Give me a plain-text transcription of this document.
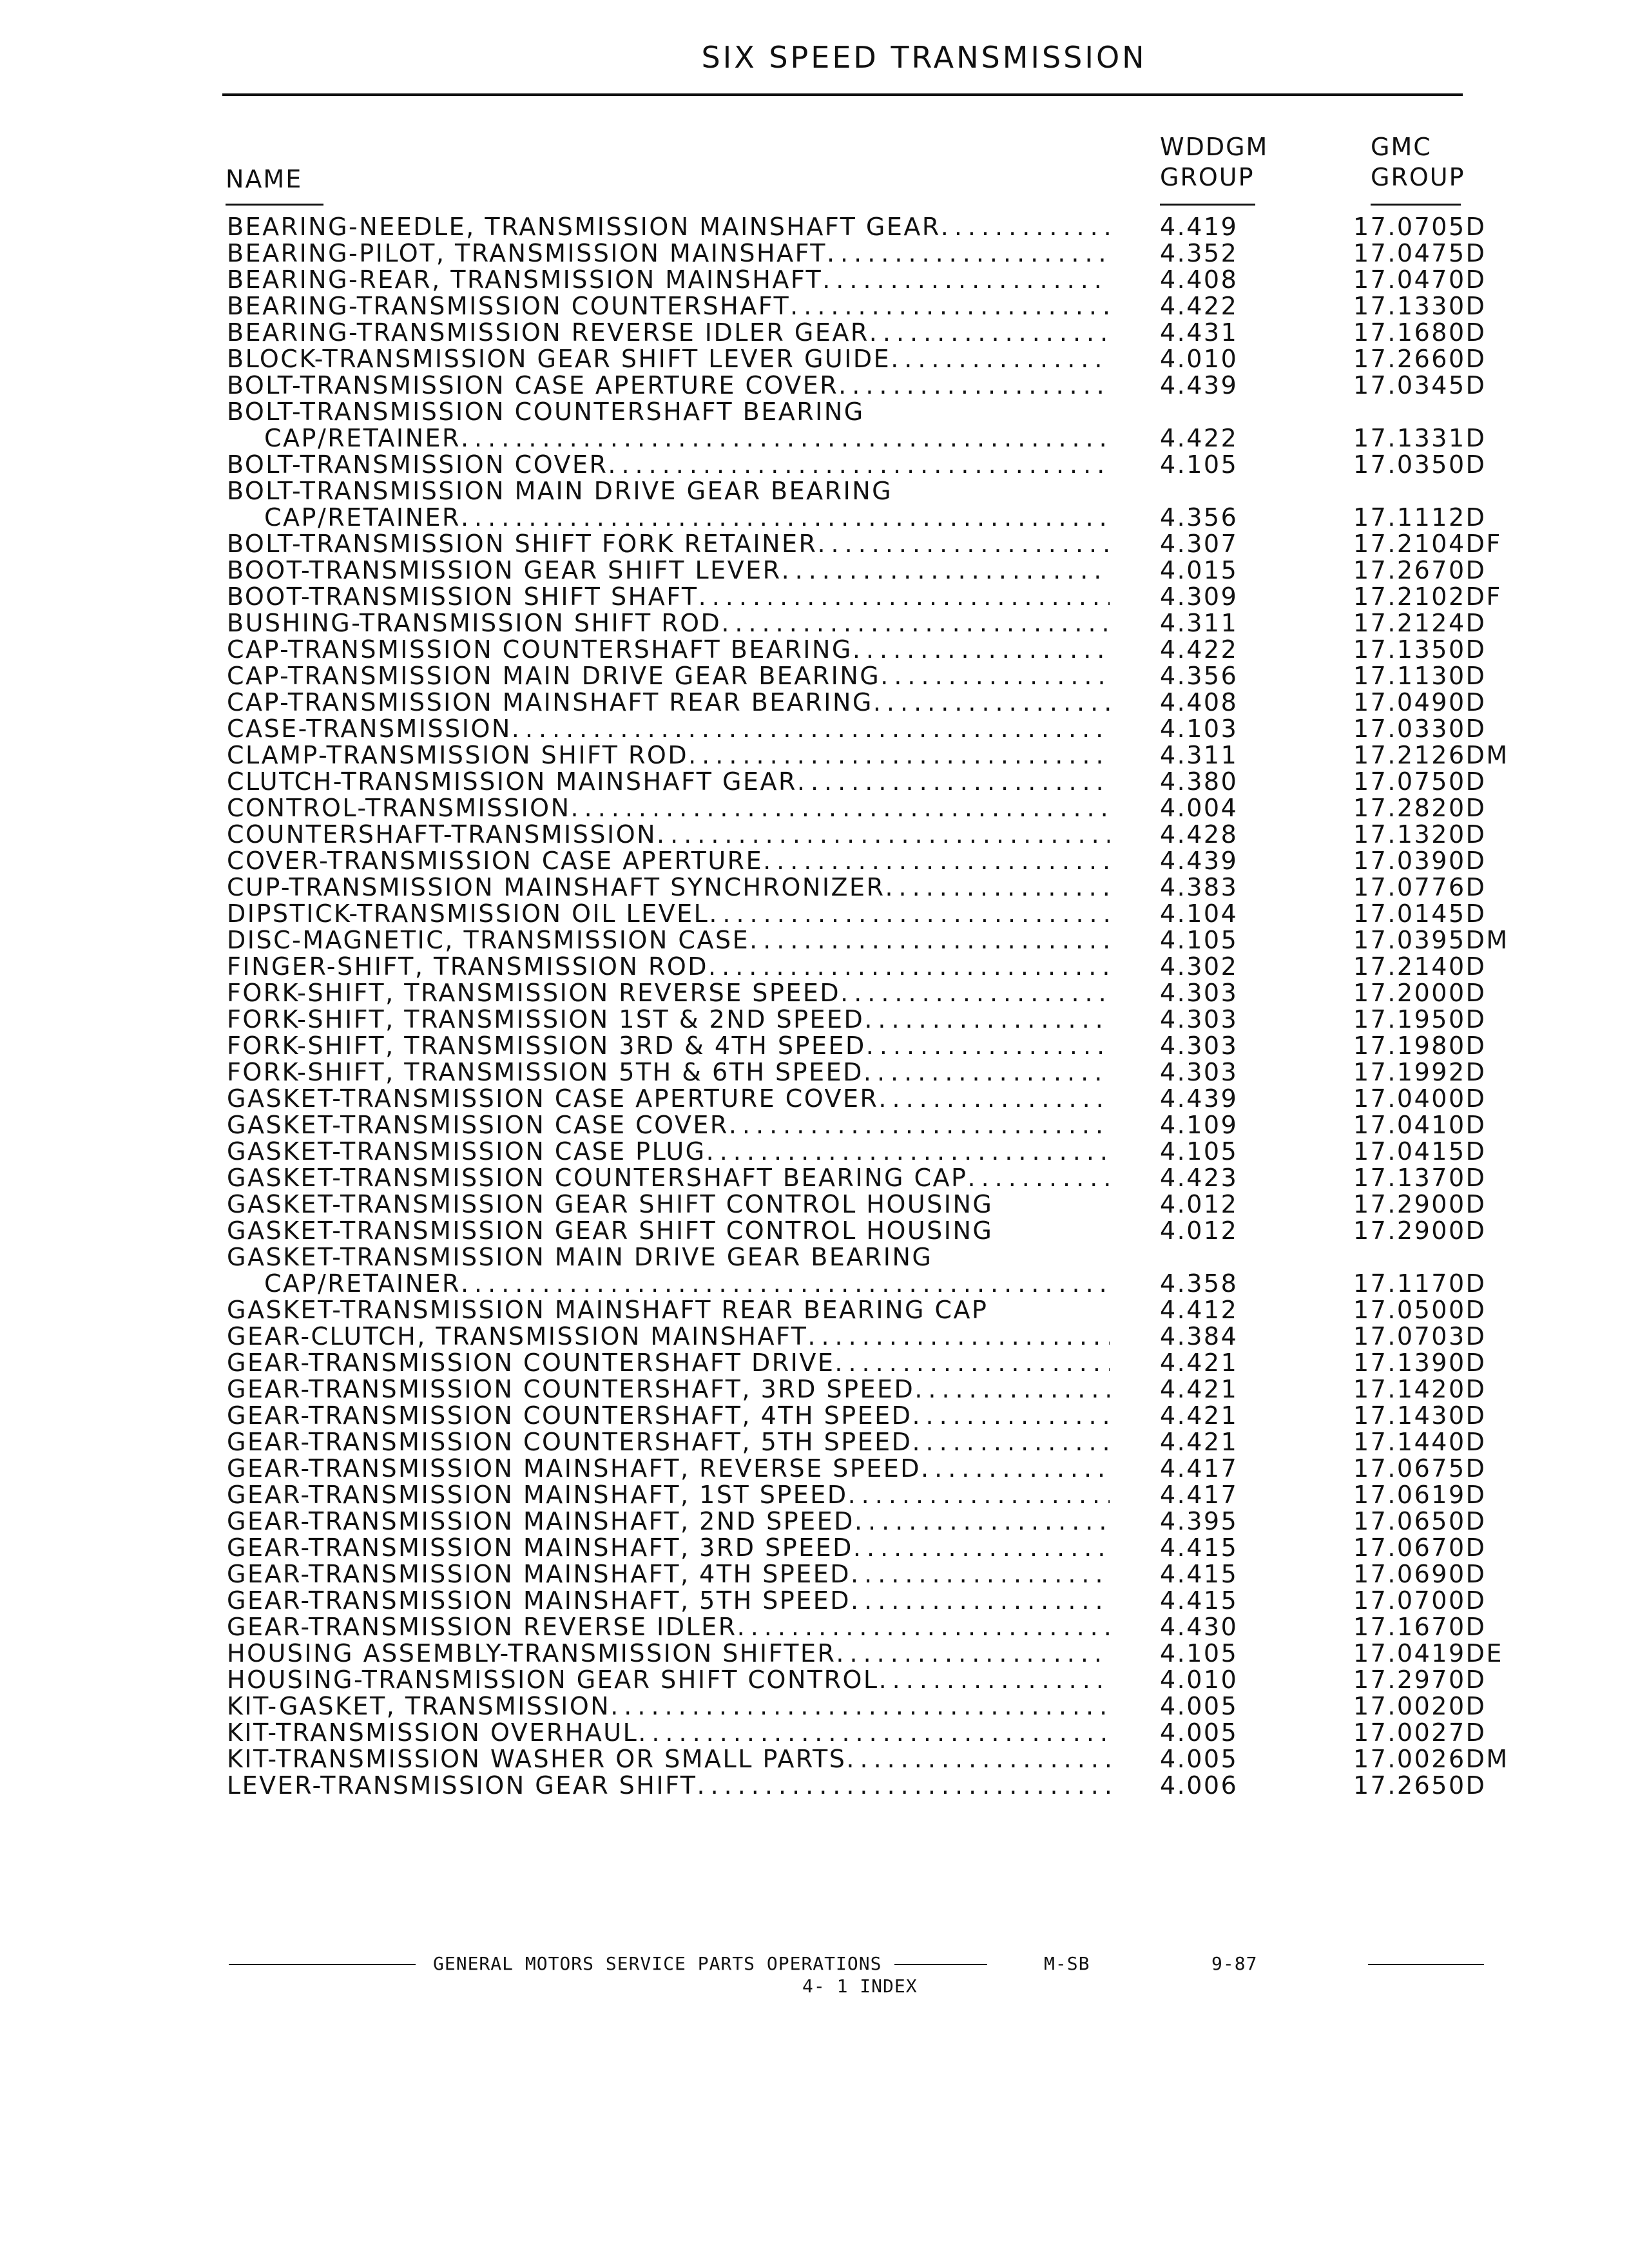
SIX SPEED TRANSMISSION
NAME
WDDGM
GROUP
GMC
GROUP
BEARING-NEEDLE, TRANSMISSION MAINSHAFT GEAR .....	4.419	17.0705D
BEARING-PILOT, TRANSMISSION MAINSHAFT .....	4.352	17.0475D
BEARING-REAR, TRANSMISSION MAINSHAFT .....	4.408	17.0470D
BEARING-TRANSMISSION COUNTERSHAFT .....	4.422	17.1330D
BEARING-TRANSMISSION REVERSE IDLER GEAR .....	4.431	17.1680D
BLOCK-TRANSMISSION GEAR SHIFT LEVER GUIDE .....	4.010	17.2660D
BOLT-TRANSMISSION CASE APERTURE COVER .....	4.439	17.0345D
BOLT-TRANSMISSION COUNTERSHAFT BEARING
CAP/RETAINER .....	4.422	17.1331D
BOLT-TRANSMISSION COVER .....	4.105	17.0350D
BOLT-TRANSMISSION MAIN DRIVE GEAR BEARING
CAP/RETAINER .....	4.356	17.1112D
BOLT-TRANSMISSION SHIFT FORK RETAINER .....	4.307	17.2104DF
BOOT-TRANSMISSION GEAR SHIFT LEVER .....	4.015	17.2670D
BOOT-TRANSMISSION SHIFT SHAFT .....	4.309	17.2102DF
BUSHING-TRANSMISSION SHIFT ROD .....	4.311	17.2124D
CAP-TRANSMISSION COUNTERSHAFT BEARING .....	4.422	17.1350D
CAP-TRANSMISSION MAIN DRIVE GEAR BEARING .....	4.356	17.1130D
CAP-TRANSMISSION MAINSHAFT REAR BEARING .....	4.408	17.0490D
CASE-TRANSMISSION .....	4.103	17.0330D
CLAMP-TRANSMISSION SHIFT ROD .....	4.311	17.2126DM
CLUTCH-TRANSMISSION MAINSHAFT GEAR .....	4.380	17.0750D
CONTROL-TRANSMISSION .....	4.004	17.2820D
COUNTERSHAFT-TRANSMISSION .....	4.428	17.1320D
COVER-TRANSMISSION CASE APERTURE .....	4.439	17.0390D
CUP-TRANSMISSION MAINSHAFT SYNCHRONIZER .....	4.383	17.0776D
DIPSTICK-TRANSMISSION OIL LEVEL .....	4.104	17.0145D
DISC-MAGNETIC, TRANSMISSION CASE .....	4.105	17.0395DM
FINGER-SHIFT, TRANSMISSION ROD .....	4.302	17.2140D
FORK-SHIFT, TRANSMISSION REVERSE SPEED .....	4.303	17.2000D
FORK-SHIFT, TRANSMISSION 1ST & 2ND SPEED .....	4.303	17.1950D
FORK-SHIFT, TRANSMISSION 3RD & 4TH SPEED .....	4.303	17.1980D
FORK-SHIFT, TRANSMISSION 5TH & 6TH SPEED .....	4.303	17.1992D
GASKET-TRANSMISSION CASE APERTURE COVER .....	4.439	17.0400D
GASKET-TRANSMISSION CASE COVER .....	4.109	17.0410D
GASKET-TRANSMISSION CASE PLUG .....	4.105	17.0415D
GASKET-TRANSMISSION COUNTERSHAFT BEARING CAP .....	4.423	17.1370D
GASKET-TRANSMISSION GEAR SHIFT CONTROL HOUSING	4.012	17.2900D
GASKET-TRANSMISSION GEAR SHIFT CONTROL HOUSING	4.012	17.2900D
GASKET-TRANSMISSION MAIN DRIVE GEAR BEARING
CAP/RETAINER .....	4.358	17.1170D
GASKET-TRANSMISSION MAINSHAFT REAR BEARING CAP	4.412	17.0500D
GEAR-CLUTCH, TRANSMISSION MAINSHAFT .....	4.384	17.0703D
GEAR-TRANSMISSION COUNTERSHAFT DRIVE .....	4.421	17.1390D
GEAR-TRANSMISSION COUNTERSHAFT, 3RD SPEED .....	4.421	17.1420D
GEAR-TRANSMISSION COUNTERSHAFT, 4TH SPEED .....	4.421	17.1430D
GEAR-TRANSMISSION COUNTERSHAFT, 5TH SPEED .....	4.421	17.1440D
GEAR-TRANSMISSION MAINSHAFT, REVERSE SPEED .....	4.417	17.0675D
GEAR-TRANSMISSION MAINSHAFT, 1ST SPEED .....	4.417	17.0619D
GEAR-TRANSMISSION MAINSHAFT, 2ND SPEED .....	4.395	17.0650D
GEAR-TRANSMISSION MAINSHAFT, 3RD SPEED .....	4.415	17.0670D
GEAR-TRANSMISSION MAINSHAFT, 4TH SPEED .....	4.415	17.0690D
GEAR-TRANSMISSION MAINSHAFT, 5TH SPEED .....	4.415	17.0700D
GEAR-TRANSMISSION REVERSE IDLER .....	4.430	17.1670D
HOUSING ASSEMBLY-TRANSMISSION SHIFTER .....	4.105	17.0419DE
HOUSING-TRANSMISSION GEAR SHIFT CONTROL .....	4.010	17.2970D
KIT-GASKET, TRANSMISSION .....	4.005	17.0020D
KIT-TRANSMISSION OVERHAUL .....	4.005	17.0027D
KIT-TRANSMISSION WASHER OR SMALL PARTS .....	4.005	17.0026DM
LEVER-TRANSMISSION GEAR SHIFT .....	4.006	17.2650D
GENERAL MOTORS SERVICE PARTS OPERATIONS	M-SB	9-87
4- 1 INDEX
